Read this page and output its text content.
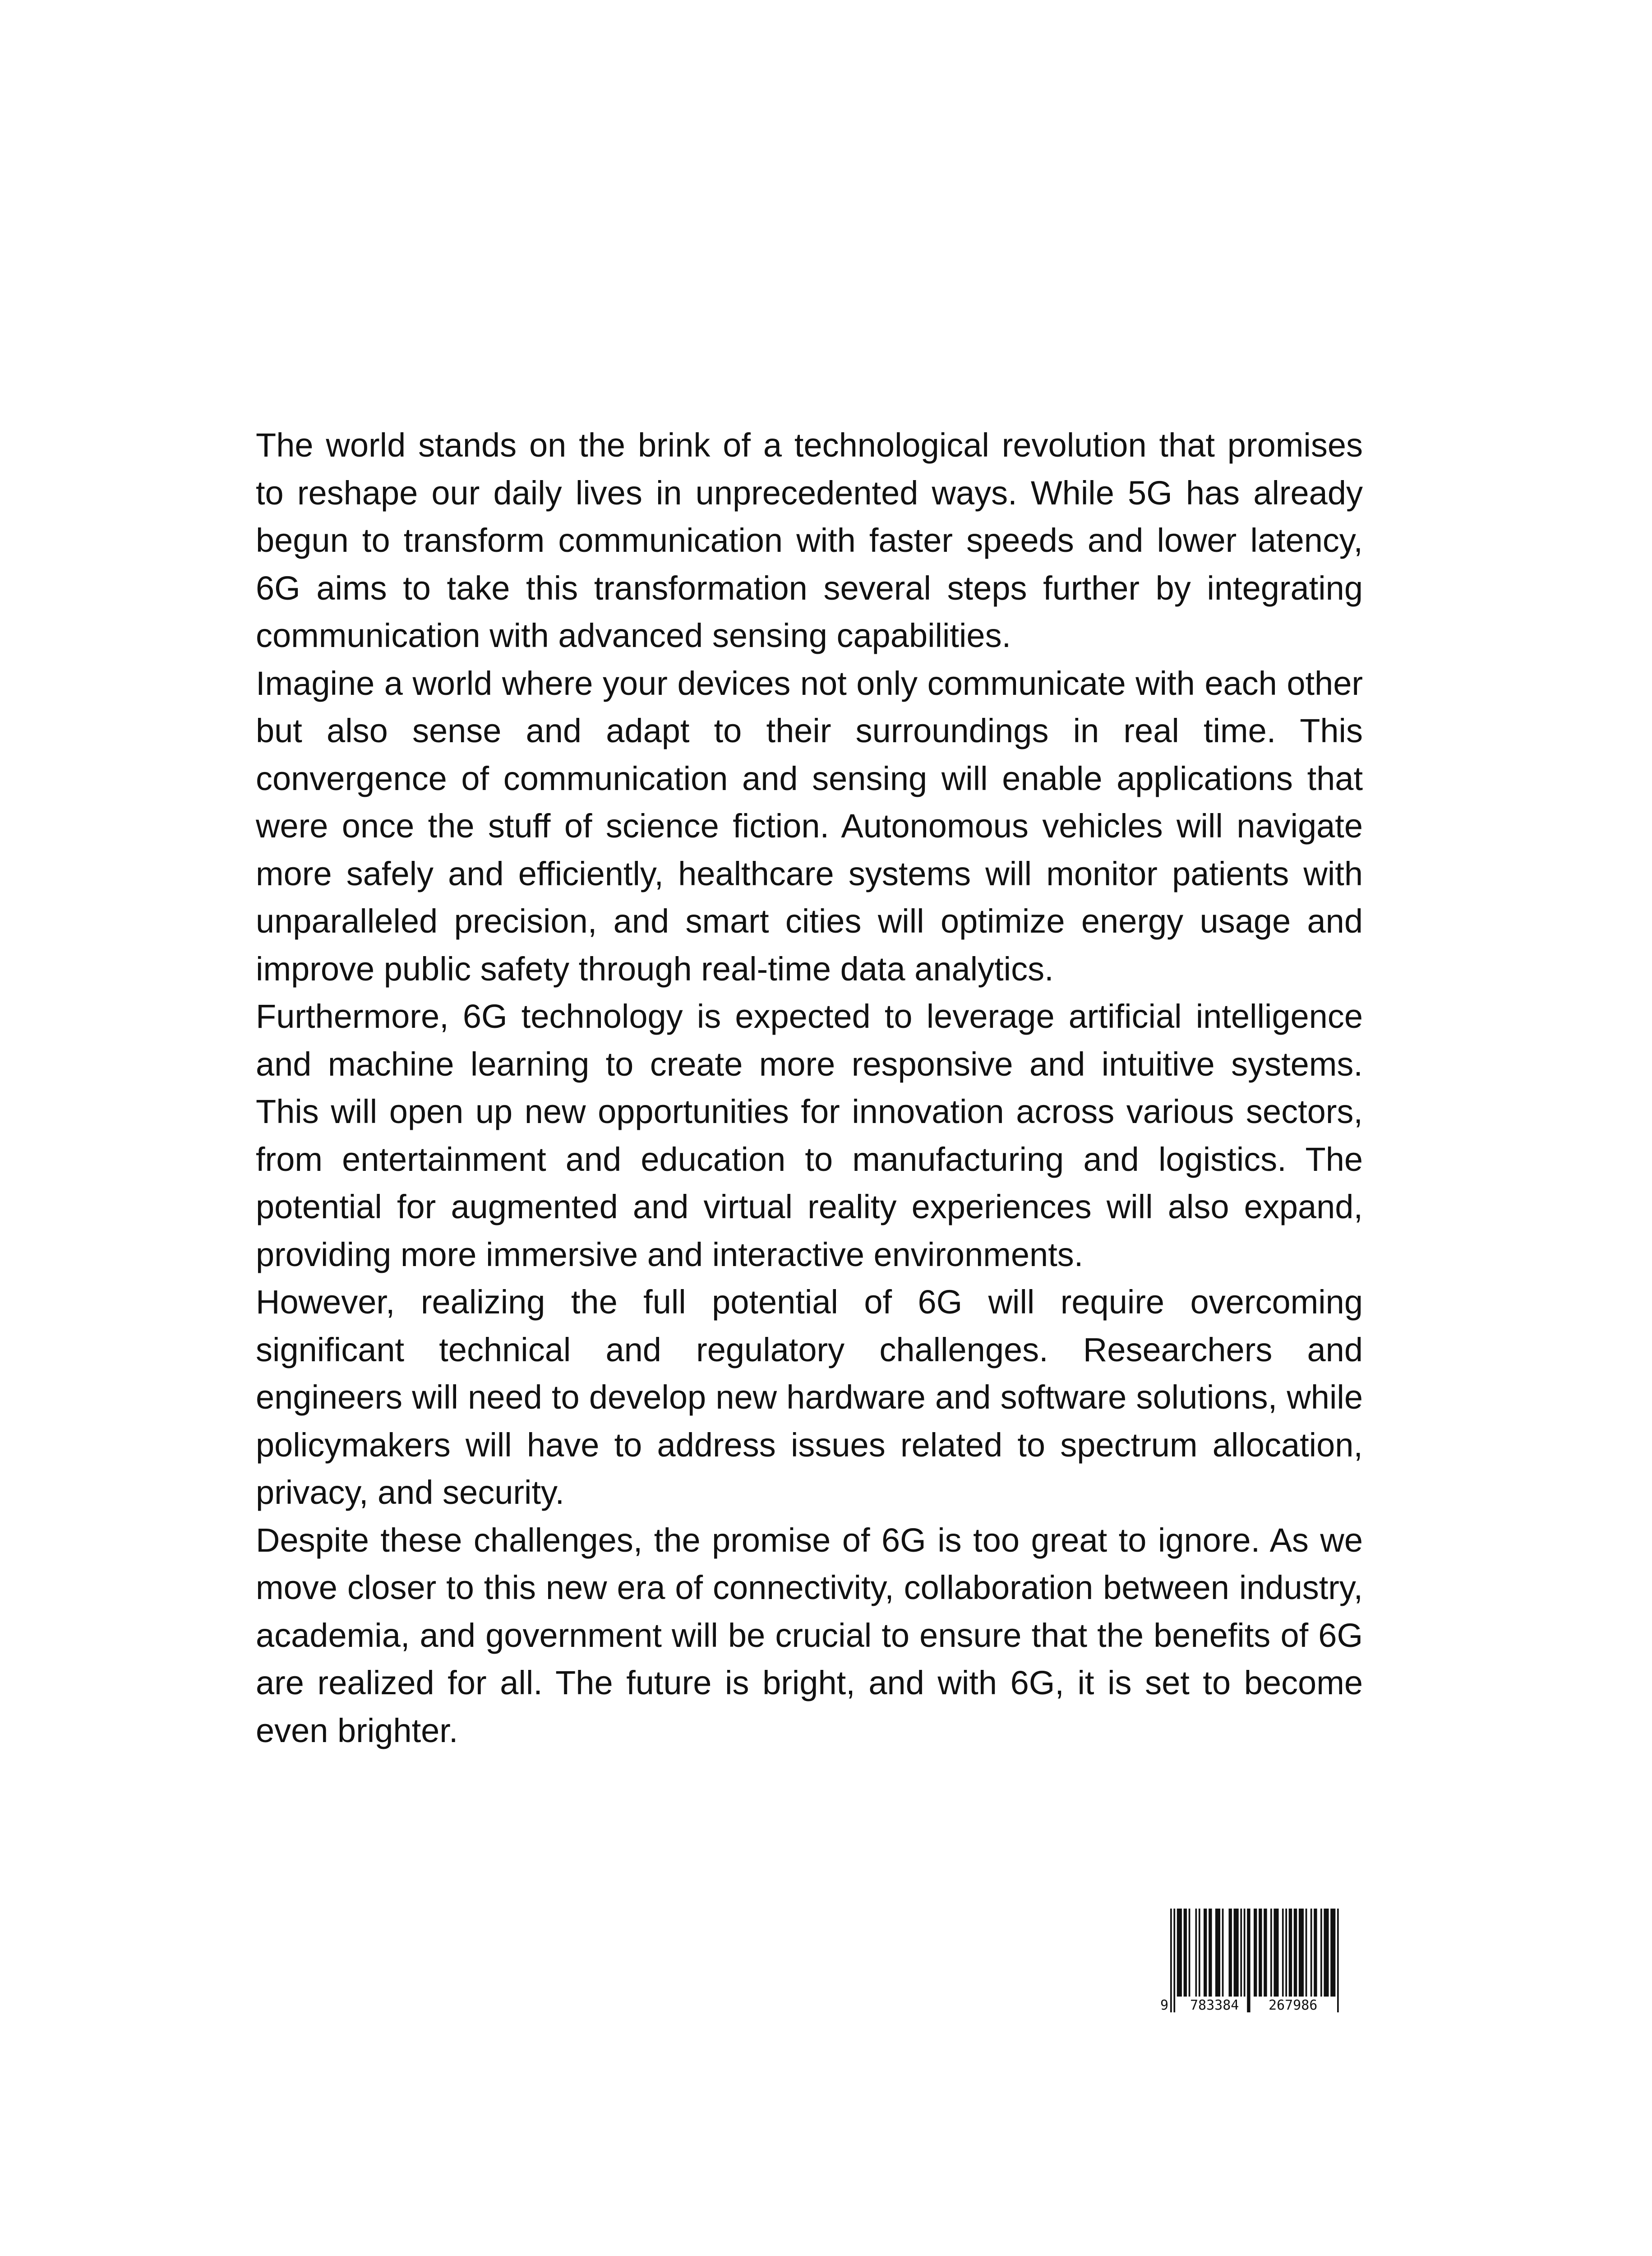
The world stands on the brink of a technological revolution that promises to reshape our daily lives in unprecedented ways. While 5G has already begun to transform communication with faster speeds and lower latency, 6G aims to take this transformation several steps further by integrating communication with advanced sensing capabilities.

Imagine a world where your devices not only communicate with each other but also sense and adapt to their surroundings in real time. This convergence of communication and sensing will enable applications that were once the stuff of science fiction. Autonomous vehicles will navigate more safely and efficiently, healthcare systems will monitor patients with unparalleled precision, and smart cities will optimize energy usage and improve public safety through real-time data analytics.

Furthermore, 6G technology is expected to leverage artificial intelligence and machine learning to create more responsive and intuitive systems. This will open up new opportunities for innovation across various sectors, from entertainment and education to manufacturing and logistics. The potential for augmented and virtual reality experiences will also expand, providing more immersive and interactive environments.

However, realizing the full potential of 6G will require overcoming significant technical and regulatory challenges. Researchers and engineers will need to develop new hardware and software solutions, while policymakers will have to address issues related to spectrum allocation, privacy, and security.

Despite these challenges, the promise of 6G is too great to ignore. As we move closer to this new era of connectivity, collaboration between industry, academia, and government will be crucial to ensure that the benefits of 6G are realized for all. The future is bright, and with 6G, it is set to become even brighter.

9 783384 267986
